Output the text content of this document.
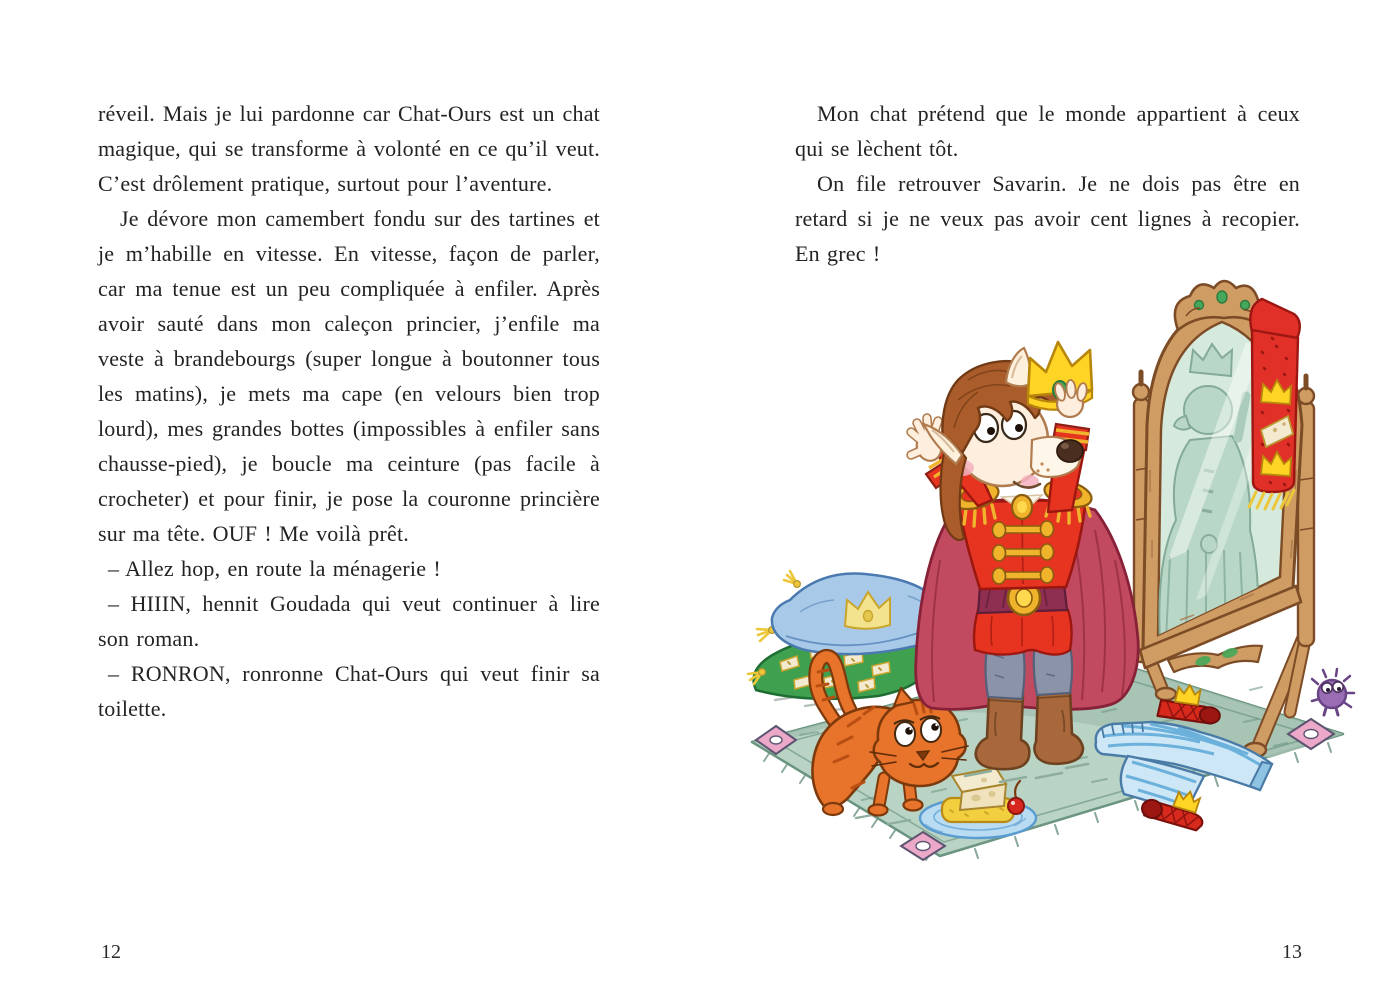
réveil. Mais je lui pardonne car Chat-Ours est un chat magique, qui se transforme à volonté en ce qu’il veut. C’est drôlement pratique, surtout pour l’aventure.

Je dévore mon camembert fondu sur des tartines et je m’habille en vitesse. En vitesse, façon de parler, car ma tenue est un peu compliquée à enfiler. Après avoir sauté dans mon caleçon princier, j’enfile ma veste à brandebourgs (super longue à boutonner tous les matins), je mets ma cape (en velours bien trop lourd), mes grandes bottes (impossibles à enfiler sans chausse-pied), je boucle ma ceinture (pas facile à crocheter) et pour finir, je pose la couronne princière sur ma tête. OUF ! Me voilà prêt.

– Allez hop, en route la ménagerie !

– HIIIN, hennit Goudada qui veut continuer à lire son roman.

– RONRON, ronronne Chat-Ours qui veut finir sa toilette.

12

Mon chat prétend que le monde appartient à ceux qui se lèchent tôt.

On file retrouver Savarin. Je ne dois pas être en retard si je ne veux pas avoir cent lignes à recopier. En grec !

13
